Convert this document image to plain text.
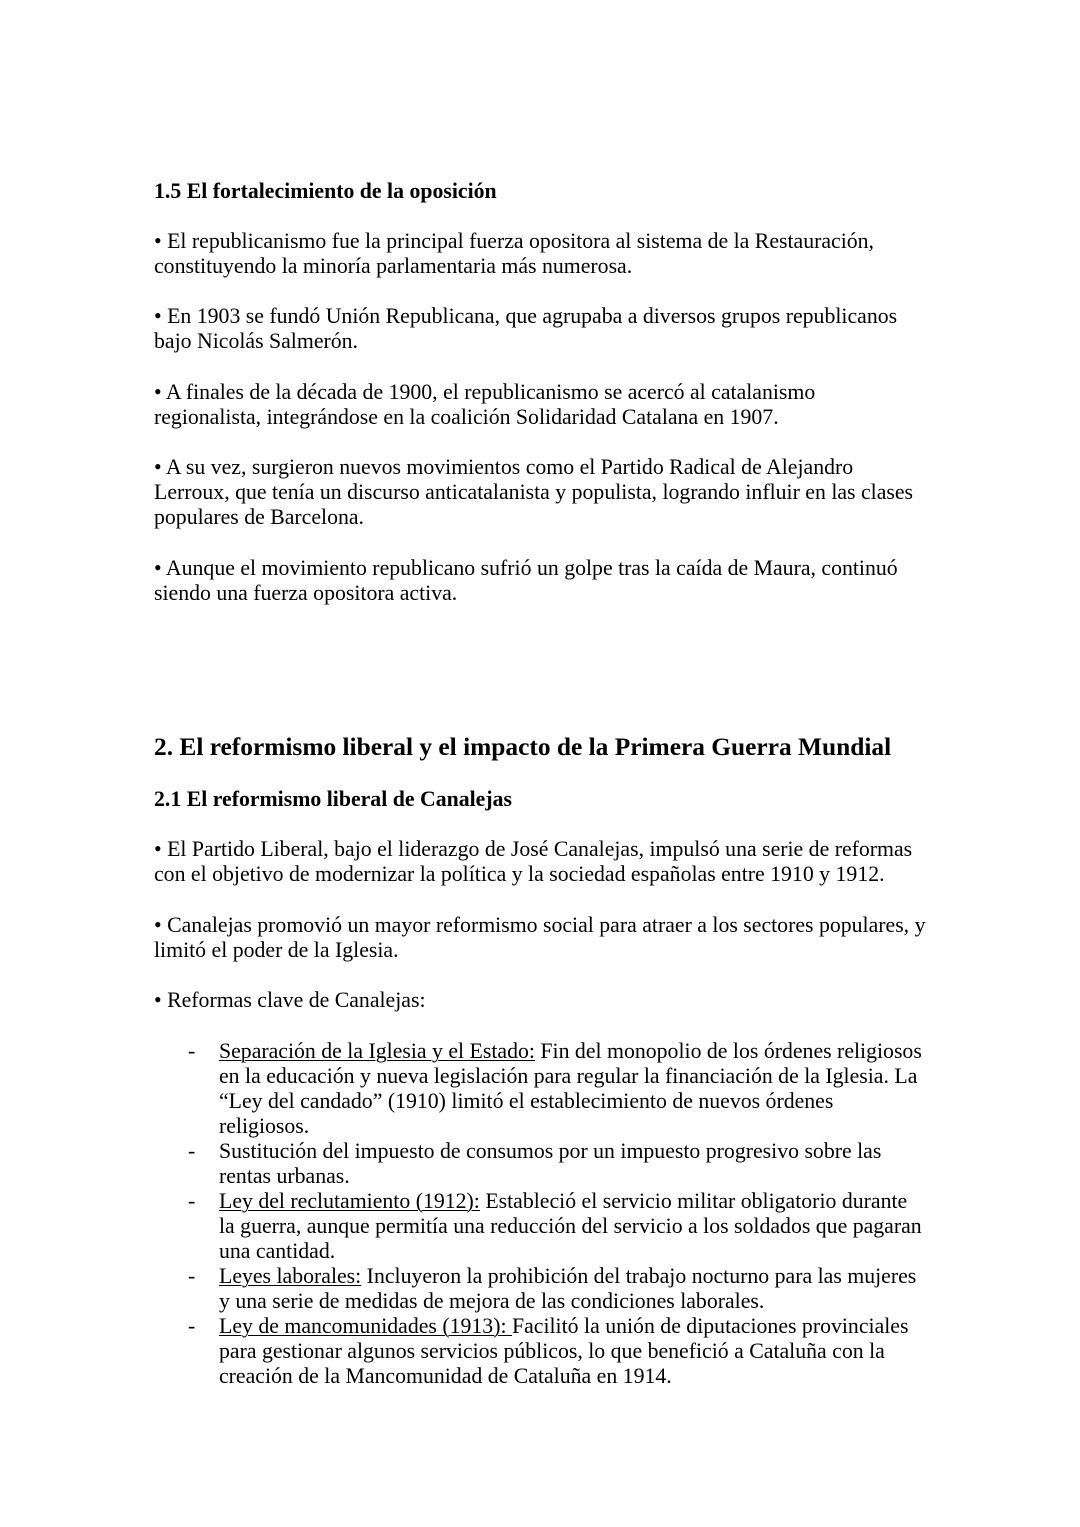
1.5 El fortalecimiento de la oposición
• El republicanismo fue la principal fuerza opositora al sistema de la Restauración,
constituyendo la minoría parlamentaria más numerosa.
• En 1903 se fundó Unión Republicana, que agrupaba a diversos grupos republicanos
bajo Nicolás Salmerón.
• A finales de la década de 1900, el republicanismo se acercó al catalanismo
regionalista, integrándose en la coalición Solidaridad Catalana en 1907.
• A su vez, surgieron nuevos movimientos como el Partido Radical de Alejandro
Lerroux, que tenía un discurso anticatalanista y populista, logrando influir en las clases
populares de Barcelona.
• Aunque el movimiento republicano sufrió un golpe tras la caída de Maura, continuó
siendo una fuerza opositora activa.
2. El reformismo liberal y el impacto de la Primera Guerra Mundial
2.1 El reformismo liberal de Canalejas
• El Partido Liberal, bajo el liderazgo de José Canalejas, impulsó una serie de reformas
con el objetivo de modernizar la política y la sociedad españolas entre 1910 y 1912.
• Canalejas promovió un mayor reformismo social para atraer a los sectores populares, y
limitó el poder de la Iglesia.
• Reformas clave de Canalejas:
- Separación de la Iglesia y el Estado: Fin del monopolio de los órdenes religiosos
en la educación y nueva legislación para regular la financiación de la Iglesia. La
“Ley del candado” (1910) limitó el establecimiento de nuevos órdenes
religiosos.
- Sustitución del impuesto de consumos por un impuesto progresivo sobre las
rentas urbanas.
- Ley del reclutamiento (1912): Estableció el servicio militar obligatorio durante
la guerra, aunque permitía una reducción del servicio a los soldados que pagaran
una cantidad.
- Leyes laborales: Incluyeron la prohibición del trabajo nocturno para las mujeres
y una serie de medidas de mejora de las condiciones laborales.
- Ley de mancomunidades (1913): Facilitó la unión de diputaciones provinciales
para gestionar algunos servicios públicos, lo que benefició a Cataluña con la
creación de la Mancomunidad de Cataluña en 1914.
